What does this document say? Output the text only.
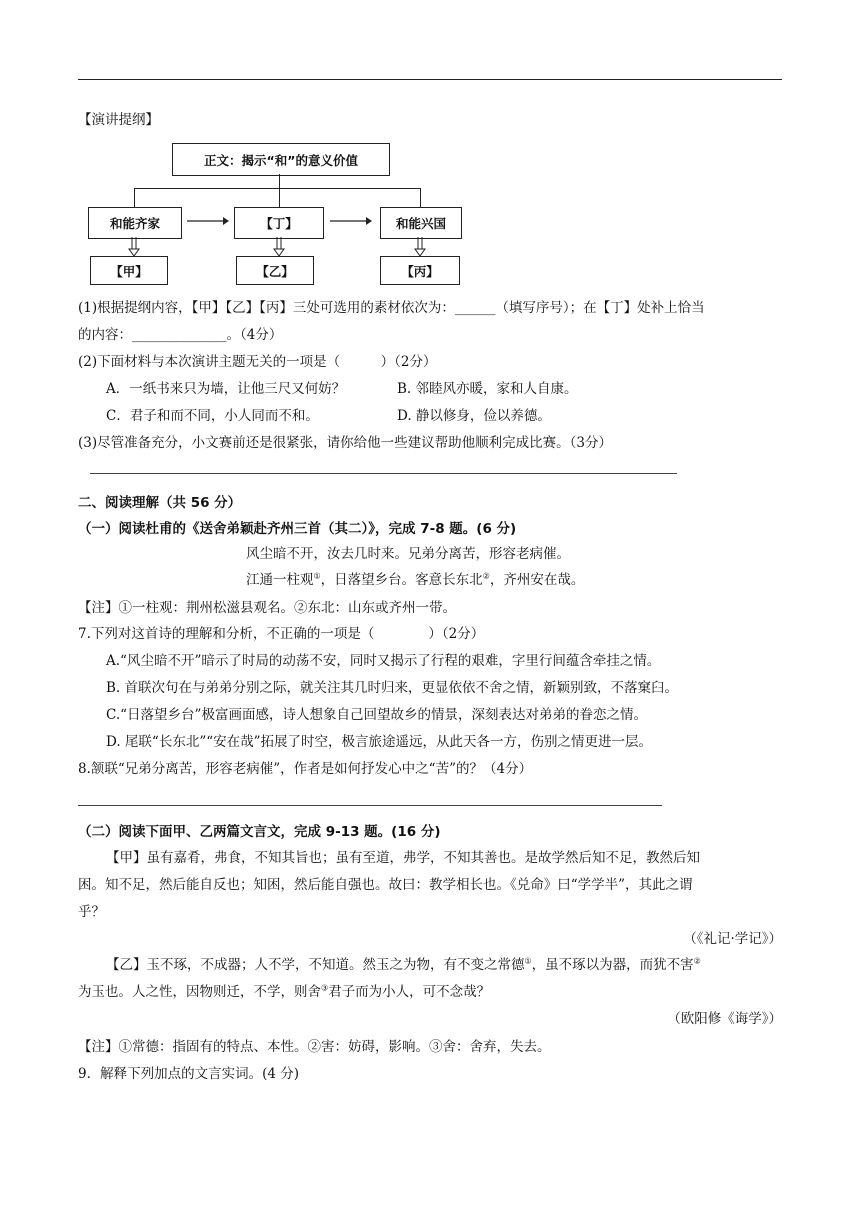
【演讲提纲】
正文：揭示“和”的意义价值
和能齐家	【丁】	和能兴国
【甲】	【乙】	【丙】
(1)根据提纲内容，【甲】【乙】【丙】三处可选用的素材依次为：______（填写序号）；在【丁】处补上恰当
的内容：______________。（4分）
(2)下面材料与本次演讲主题无关的一项是（　　　）（2分）
A．一纸书来只为墙，让他三尺又何妨？	B. 邻睦风亦暖，家和人自康。
C．君子和而不同，小人同而不和。	D. 静以修身，俭以养德。
(3)尽管准备充分，小文赛前还是很紧张，请你给他一些建议帮助他顺利完成比赛。（3分）
二、阅读理解（共 56 分）
（一）阅读杜甫的《送舍弟颖赴齐州三首（其二）》，完成 7-8 题。(6 分)
风尘暗不开，汝去几时来。兄弟分离苦，形容老病催。
江通一柱观①，日落望乡台。客意长东北②，齐州安在哉。
【注】①一柱观：荆州松滋县观名。②东北：山东或齐州一带。
7.下列对这首诗的理解和分析，不正确的一项是（　　　　）（2分）
A.“风尘暗不开”暗示了时局的动荡不安，同时又揭示了行程的艰难，字里行间蕴含牵挂之情。
B. 首联次句在与弟弟分别之际，就关注其几时归来，更显依依不舍之情，新颖别致，不落窠臼。
C.“日落望乡台”极富画面感，诗人想象自己回望故乡的情景，深刻表达对弟弟的眷恋之情。
D. 尾联“长东北”“安在哉”拓展了时空，极言旅途遥远，从此天各一方，伤别之情更进一层。
8.颔联“兄弟分离苦，形容老病催”，作者是如何抒发心中之“苦”的？（4分）
（二）阅读下面甲、乙两篇文言文，完成 9-13 题。(16 分)
【甲】虽有嘉肴，弗食，不知其旨也；虽有至道，弗学，不知其善也。是故学然后知不足，教然后知
困。知不足，然后能自反也；知困，然后能自强也。故曰：教学相长也。《兑命》曰“学学半”，其此之谓
乎？
（《礼记·学记》）
【乙】玉不琢，不成器；人不学，不知道。然玉之为物，有不变之常德①，虽不琢以为器，而犹不害②
为玉也。人之性，因物则迁，不学，则舍③君子而为小人，可不念哉？
（欧阳修《诲学》）
【注】①常德：指固有的特点、本性。②害：妨碍，影响。③舍：舍弃，失去。
9．解释下列加点的文言实词。(4 分)
